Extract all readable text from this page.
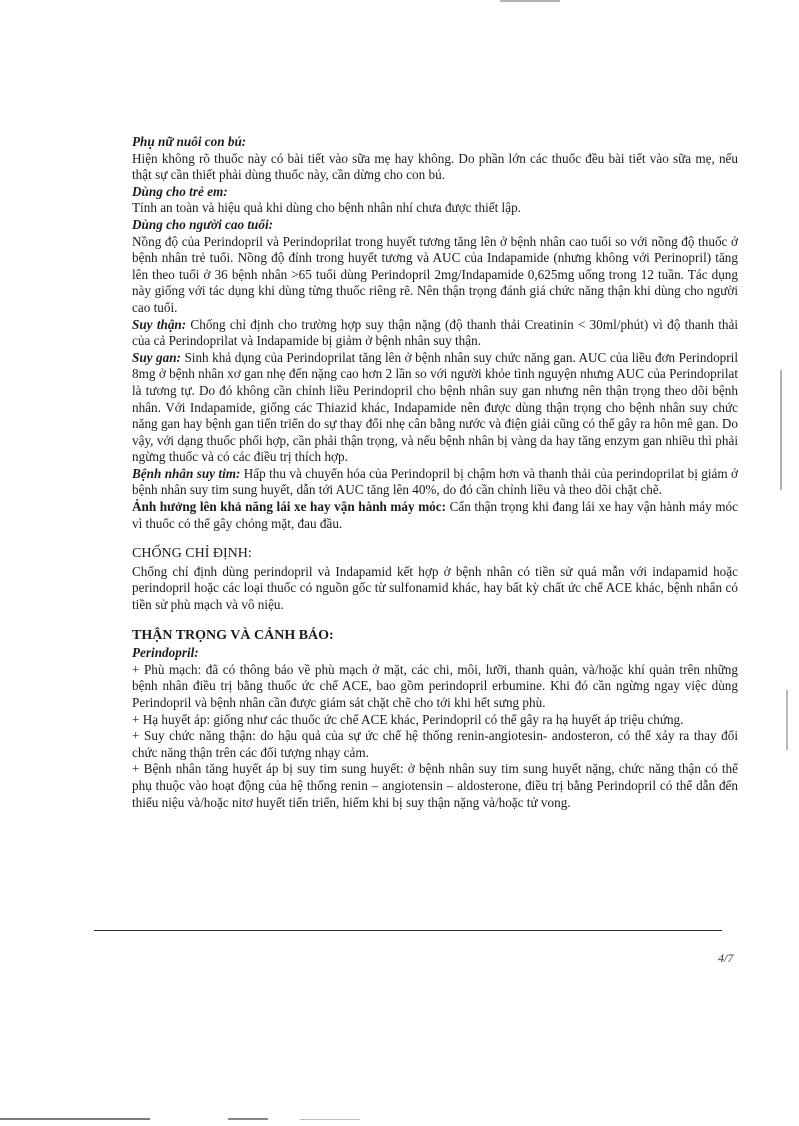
Phụ nữ nuôi con bú:

Hiện không rõ thuốc này có bài tiết vào sữa mẹ hay không. Do phần lớn các thuốc đều bài tiết vào sữa mẹ, nếu thật sự cần thiết phải dùng thuốc này, cần dừng cho con bú.

Dùng cho trẻ em:

Tính an toàn và hiệu quả khi dùng cho bệnh nhân nhí chưa được thiết lập.

Dùng cho người cao tuổi:

Nồng độ của Perindopril và Perindoprilat trong huyết tương tăng lên ở bệnh nhân cao tuổi so với nồng độ thuốc ở bệnh nhân trẻ tuổi. Nồng độ đỉnh trong huyết tương và AUC của Indapamide (nhưng không với Perinopril) tăng lên theo tuổi ở 36 bệnh nhân >65 tuổi dùng Perindopril 2mg/Indapamide 0,625mg uống trong 12 tuần. Tác dụng này giống với tác dụng khi dùng từng thuốc riêng rẽ. Nên thận trọng đánh giá chức năng thận khi dùng cho người cao tuổi.

Suy thận: Chống chỉ định cho trường hợp suy thận nặng (độ thanh thải Creatinin < 30ml/phút) vì độ thanh thải của cả Perindoprilat và Indapamide bị giảm ở bệnh nhân suy thận.

Suy gan: Sinh khả dụng của Perindoprilat tăng lên ở bệnh nhân suy chức năng gan. AUC của liều đơn Perindopril 8mg ở bệnh nhân xơ gan nhẹ đến nặng cao hơn 2 lần so với người khỏe tình nguyện nhưng AUC của Perindoprilat là tương tự. Do đó không cần chỉnh liều Perindopril cho bệnh nhân suy gan nhưng nên thận trọng theo dõi bệnh nhân. Với Indapamide, giống các Thiazid khác, Indapamide nên được dùng thận trọng cho bệnh nhân suy chức năng gan hay bệnh gan tiến triển do sự thay đổi nhẹ cân bằng nước và điện giải cũng có thể gây ra hôn mê gan. Do vậy, với dạng thuốc phối hợp, cần phải thận trọng, và nếu bệnh nhân bị vàng da hay tăng enzym gan nhiều thì phải ngừng thuốc và có các điều trị thích hợp.

Bệnh nhân suy tim: Hấp thu và chuyển hóa của Perindopril bị chậm hơn và thanh thải của perindoprilat bị giảm ở bệnh nhân suy tim sung huyết, dẫn tới AUC tăng lên 40%, do đó cần chỉnh liều và theo dõi chặt chẽ.

Ảnh hưởng lên khả năng lái xe hay vận hành máy móc: Cẩn thận trọng khi đang lái xe hay vận hành máy móc vì thuốc có thể gây chóng mặt, đau đầu.

CHỐNG CHỈ ĐỊNH:

Chống chỉ định dùng perindopril và Indapamid kết hợp ở bệnh nhân có tiền sử quá mẫn với indapamid hoặc perindopril hoặc các loại thuốc có nguồn gốc từ sulfonamid khác, hay bất kỳ chất ức chế ACE khác, bệnh nhân có tiền sử phù mạch và vô niệu.

THẬN TRỌNG VÀ CẢNH BÁO:

Perindopril:

+ Phù mạch: đã có thông báo về phù mạch ở mặt, các chi, môi, lưỡi, thanh quản, và/hoặc khí quản trên những bệnh nhân điều trị bằng thuốc ức chế ACE, bao gồm perindopril erbumine. Khi đó cần ngừng ngay việc dùng Perindopril và bệnh nhân cần được giám sát chặt chẽ cho tới khi hết sưng phù.

+ Hạ huyết áp: giống như các thuốc ức chế ACE khác, Perindopril có thể gây ra hạ huyết áp triệu chứng.

+ Suy chức năng thận: do hậu quả của sự ức chế hệ thống renin-angiotesin- andosteron, có thể xảy ra thay đổi chức năng thận trên các đối tượng nhạy cảm.

+ Bệnh nhân tăng huyết áp bị suy tim sung huyết: ở bệnh nhân suy tim sung huyết nặng, chức năng thận có thể phụ thuộc vào hoạt động của hệ thống renin – angiotensin – aldosterone, điều trị bằng Perindopril có thể dẫn đến thiểu niệu và/hoặc nitơ huyết tiến triển, hiếm khi bị suy thận nặng và/hoặc tử vong.

4/7
